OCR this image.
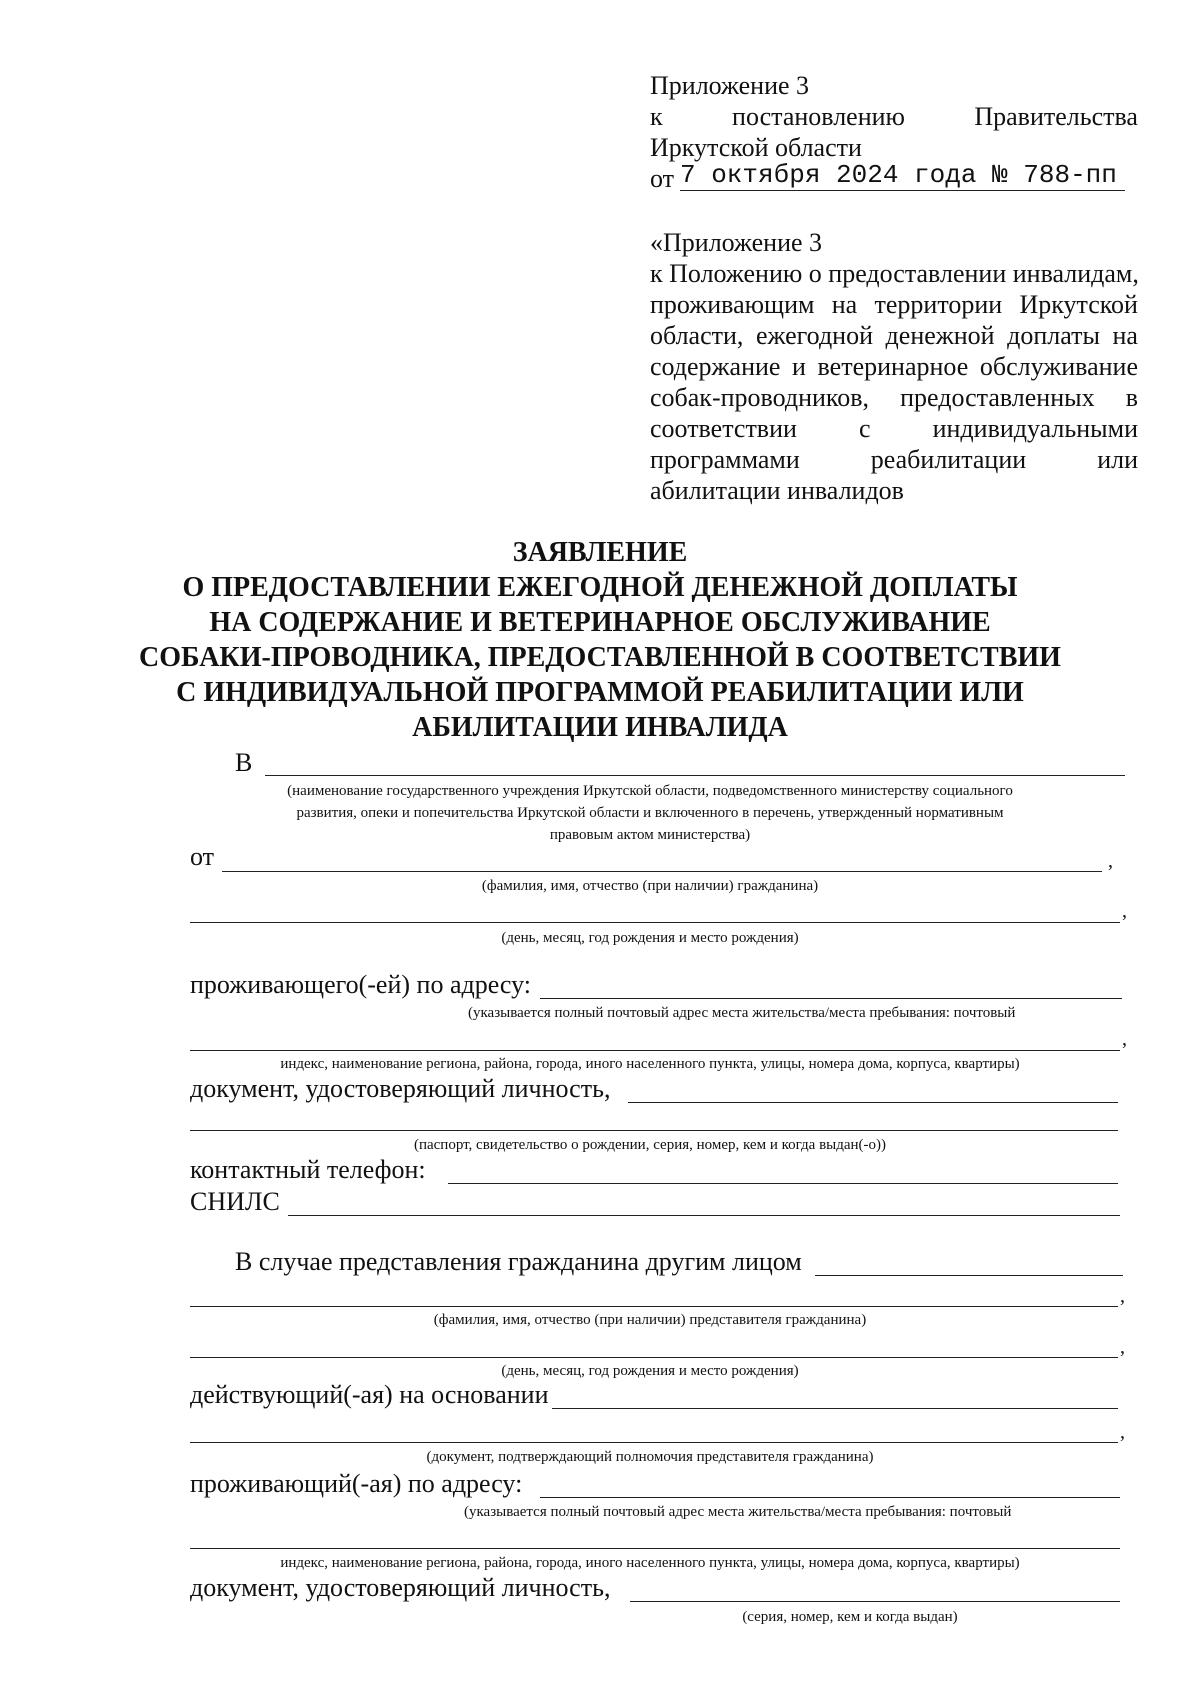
Приложение 3
к	постановлению	Правительства
Иркутской области
от 7 октября 2024 года № 788-пп
«Приложение 3
к Положению о предоставлении инвалидам,
проживающим на территории Иркутской
области, ежегодной денежной доплаты на
содержание и ветеринарное обслуживание
собак-проводников, предоставленных в
соответствии с индивидуальными
программами	реабилитации	или
абилитации инвалидов
ЗАЯВЛЕНИЕ
О ПРЕДОСТАВЛЕНИИ ЕЖЕГОДНОЙ ДЕНЕЖНОЙ ДОПЛАТЫ
НА СОДЕРЖАНИЕ И ВЕТЕРИНАРНОЕ ОБСЛУЖИВАНИЕ
СОБАКИ-ПРОВОДНИКА, ПРЕДОСТАВЛЕННОЙ В СООТВЕТСТВИИ
С ИНДИВИДУАЛЬНОЙ ПРОГРАММОЙ РЕАБИЛИТАЦИИ ИЛИ
АБИЛИТАЦИИ ИНВАЛИДА
В
(наименование государственного учреждения Иркутской области, подведомственного министерству социального
развития, опеки и попечительства Иркутской области и включенного в перечень, утвержденный нормативным
правовым актом министерства)
от	,
(фамилия, имя, отчество (при наличии) гражданина)
,
(день, месяц, год рождения и место рождения)
проживающего(-ей) по адресу:
(указывается полный почтовый адрес места жительства/места пребывания: почтовый
,
индекс, наименование региона, района, города, иного населенного пункта, улицы, номера дома, корпуса, квартиры)
документ, удостоверяющий личность,
(паспорт, свидетельство о рождении, серия, номер, кем и когда выдан(-о))
контактный телефон:
СНИЛС
В случае представления гражданина другим лицом
,
(фамилия, имя, отчество (при наличии) представителя гражданина)
,
(день, месяц, год рождения и место рождения)
действующий(-ая) на основании
,
(документ, подтверждающий полномочия представителя гражданина)
проживающий(-ая) по адресу:
(указывается полный почтовый адрес места жительства/места пребывания: почтовый
индекс, наименование региона, района, города, иного населенного пункта, улицы, номера дома, корпуса, квартиры)
документ, удостоверяющий личность,
(серия, номер, кем и когда выдан)
